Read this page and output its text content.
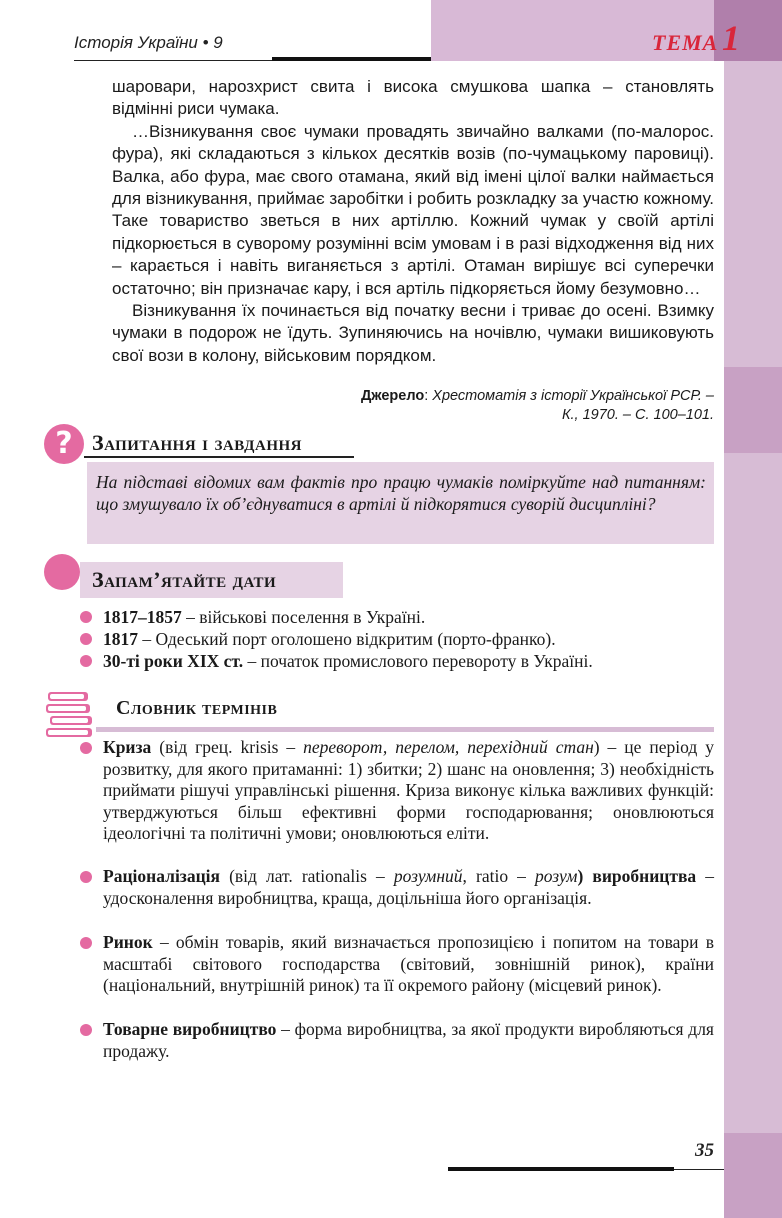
Історія України • 9	ТЕМА 1

шаровари, нарозхрист свита і висока смушкова шапка – становлять відмінні риси чумака.

…Візникування своє чумаки провадять звичайно валками (по-малорос. фура), які складаються з кількох десятків возів (по-чумацькому паровиці). Валка, або фура, має свого отамана, який від імені цілої валки наймається для візникування, приймає заробітки і робить розкладку за участю кожному. Таке товариство зветься в них артіллю. Кожний чумак у своїй артілі підкорюється в суворому розумінні всім умовам і в разі відходження від них – карається і навіть виганяється з артілі. Отаман вирішує всі суперечки остаточно; він призначає кару, і вся артіль підкоряється йому безумовно…

Візникування їх починається від початку весни і триває до осені. Взимку чумаки в подорож не їдуть. Зупиняючись на ночівлю, чумаки вишиковують свої вози в колону, військовим порядком.

Джерело: Хрестоматія з історії Української РСР. –
К., 1970. – С. 100–101.
? Запитання і завдання
На підставі відомих вам фактів про працю чумаків поміркуйте над питанням: що змушувало їх об’єднуватися в артілі й підкорятися суворій дисципліні?
Запам’ятайте дати
1817–1857 – військові поселення в Україні.
1817 – Одеський порт оголошено відкритим (порто-франко).
30-ті роки XIX ст. – початок промислового перевороту в Україні.
Словник термінів
Криза (від грец. krisis – переворот, перелом, перехідний стан) – це період у розвитку, для якого притаманні: 1) збитки; 2) шанс на оновлення; 3) необхідність приймати рішучі управлінські рішення. Криза виконує кілька важливих функцій: утверджуються більш ефективні форми господарювання; оновлюються ідеологічні та політичні умови; оновлюються еліти.
Раціоналізація (від лат. rationalis – розумний, ratio – розум) виробництва – удосконалення виробництва, краща, доцільніша його організація.
Ринок – обмін товарів, який визначається пропозицією і попитом на товари в масштабі світового господарства (світовий, зовнішній ринок), країни (національний, внутрішній ринок) та її окремого району (місцевий ринок).
Товарне виробництво – форма виробництва, за якої продукти виробляються для продажу.
35
